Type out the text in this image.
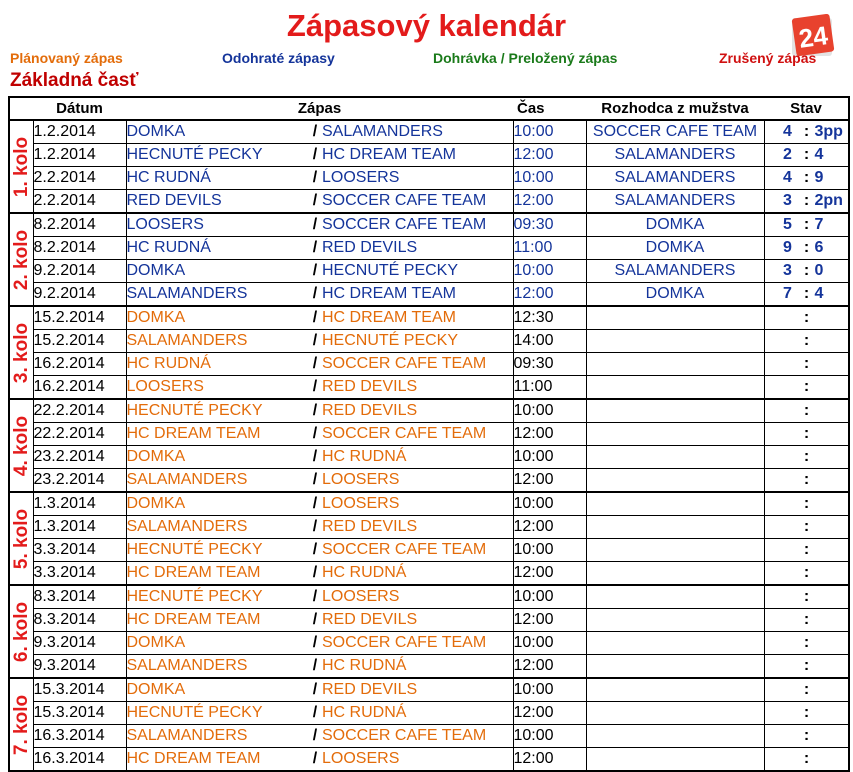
Zápasový kalendár	24
Plánovaný zápas	Odohraté zápasy	Dohrávka / Preložený zápas	Zrušený zápas
Základná časť
	Dátum	Zápas			Čas	Rozhodca z mužstva	Stav

1. kolo	1.2.2014	DOMKA	/	SALAMANDERS	10:00	SOCCER CAFE TEAM	4 : 3pp

	1.2.2014	HECNUTÉ PECKY	/	HC DREAM TEAM	12:00	SALAMANDERS	2 : 4

	2.2.2014	HC RUDNÁ	/	LOOSERS	10:00	SALAMANDERS	4 : 9

	2.2.2014	RED DEVILS	/	SOCCER CAFE TEAM	12:00	SALAMANDERS	3 : 2pn

2. kolo	8.2.2014	LOOSERS	/	SOCCER CAFE TEAM	09:30	DOMKA	5 : 7

	8.2.2014	HC RUDNÁ	/	RED DEVILS	11:00	DOMKA	9 : 6

	9.2.2014	DOMKA	/	HECNUTÉ PECKY	10:00	SALAMANDERS	3 : 0

	9.2.2014	SALAMANDERS	/	HC DREAM TEAM	12:00	DOMKA	7 : 4

3. kolo	15.2.2014	DOMKA	/	HC DREAM TEAM	12:30		:

	15.2.2014	SALAMANDERS	/	HECNUTÉ PECKY	14:00		:

	16.2.2014	HC RUDNÁ	/	SOCCER CAFE TEAM	09:30		:

	16.2.2014	LOOSERS	/	RED DEVILS	11:00		:

4. kolo	22.2.2014	HECNUTÉ PECKY	/	RED DEVILS	10:00		:

	22.2.2014	HC DREAM TEAM	/	SOCCER CAFE TEAM	12:00		:

	23.2.2014	DOMKA	/	HC RUDNÁ	10:00		:

	23.2.2014	SALAMANDERS	/	LOOSERS	12:00		:

5. kolo	1.3.2014	DOMKA	/	LOOSERS	10:00		:

	1.3.2014	SALAMANDERS	/	RED DEVILS	12:00		:

	3.3.2014	HECNUTÉ PECKY	/	SOCCER CAFE TEAM	10:00		:

	3.3.2014	HC DREAM TEAM	/	HC RUDNÁ	12:00		:

6. kolo	8.3.2014	HECNUTÉ PECKY	/	LOOSERS	10:00		:

	8.3.2014	HC DREAM TEAM	/	RED DEVILS	12:00		:

	9.3.2014	DOMKA	/	SOCCER CAFE TEAM	10:00		:

	9.3.2014	SALAMANDERS	/	HC RUDNÁ	12:00		:

7. kolo	15.3.2014	DOMKA	/	RED DEVILS	10:00		:

	15.3.2014	HECNUTÉ PECKY	/	HC RUDNÁ	12:00		:

	16.3.2014	SALAMANDERS	/	SOCCER CAFE TEAM	10:00		:

	16.3.2014	HC DREAM TEAM	/	LOOSERS	12:00		:
